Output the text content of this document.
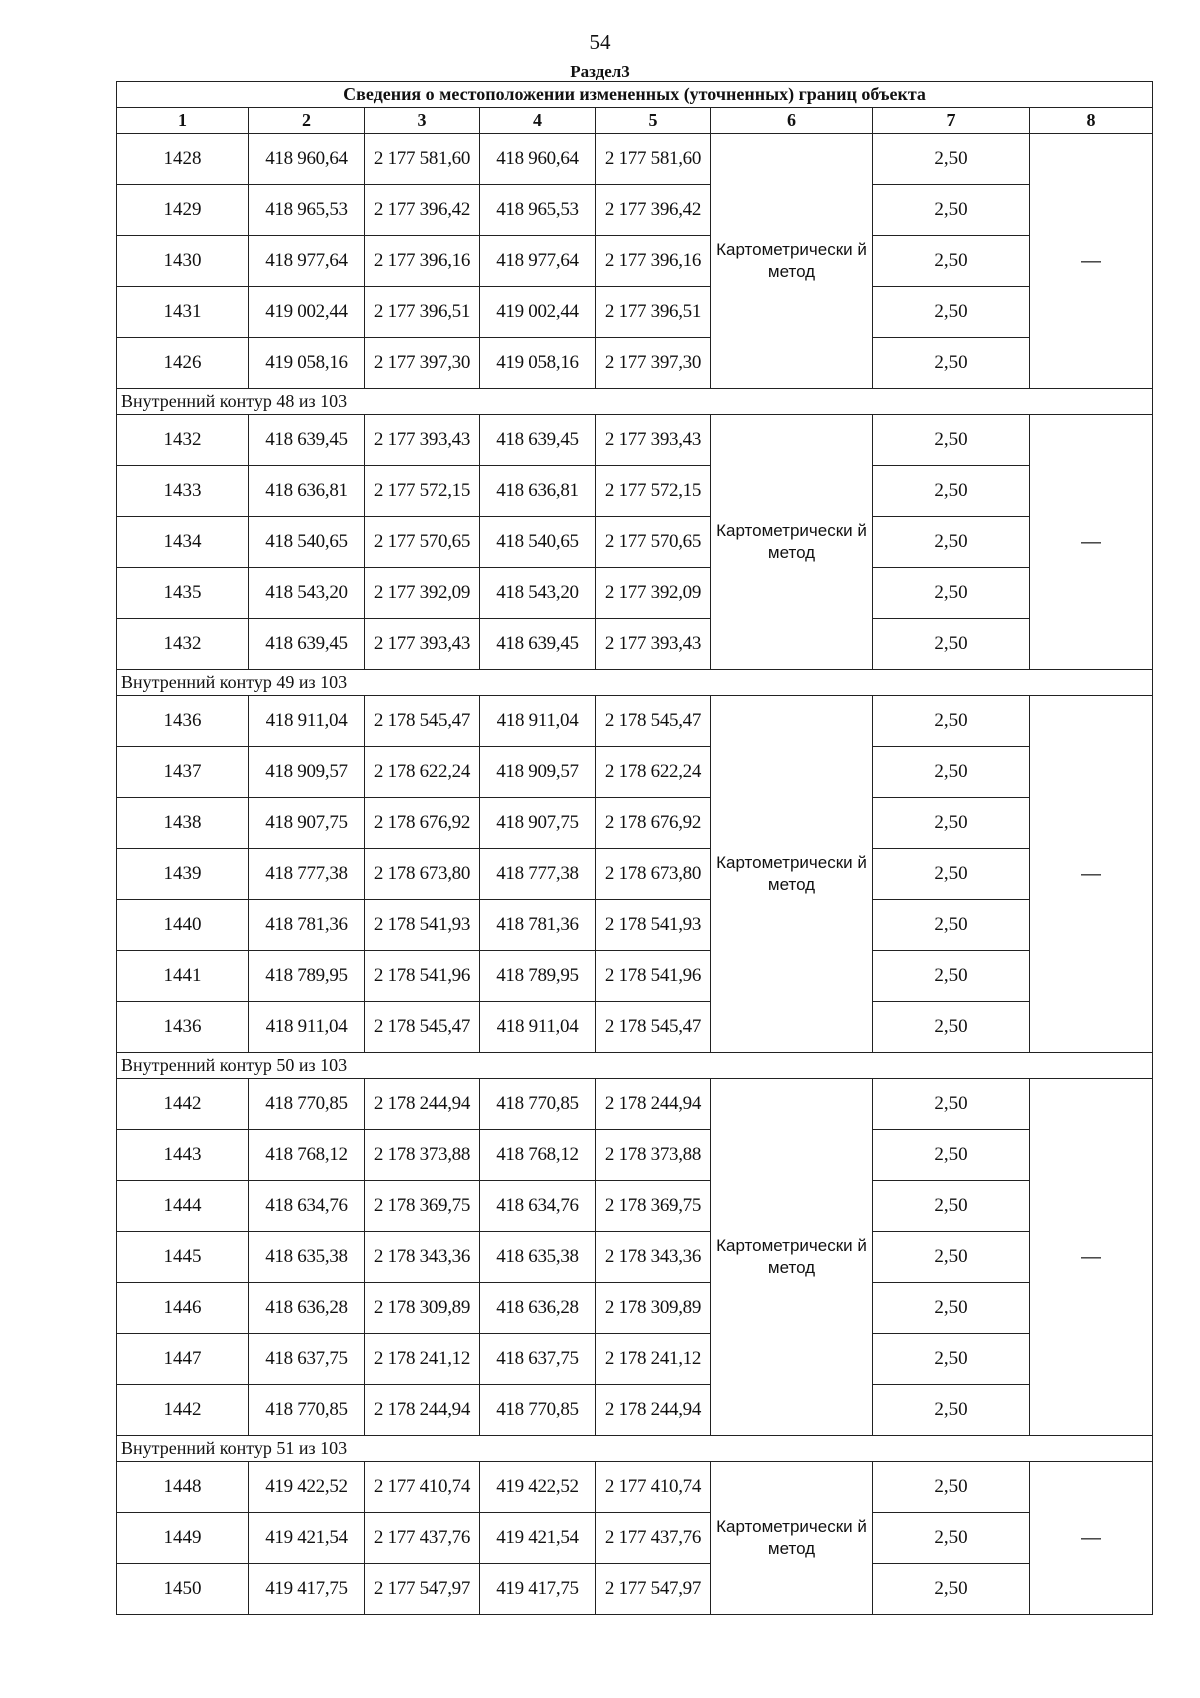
54
Раздел3
Сведения о местоположении измененных (уточненных) границ объекта							
1	2	3	4	5	6	7	8
1428	418 960,64	2 177 581,60	418 960,64	2 177 581,60	Картометрически й метод	2,50	—
1429	418 965,53	2 177 396,42	418 965,53	2 177 396,42		2,50	
1430	418 977,64	2 177 396,16	418 977,64	2 177 396,16		2,50	
1431	419 002,44	2 177 396,51	419 002,44	2 177 396,51		2,50	
1426	419 058,16	2 177 397,30	419 058,16	2 177 397,30		2,50	
Внутренний контур 48 из 103							
1432	418 639,45	2 177 393,43	418 639,45	2 177 393,43	Картометрически й метод	2,50	—
1433	418 636,81	2 177 572,15	418 636,81	2 177 572,15		2,50	
1434	418 540,65	2 177 570,65	418 540,65	2 177 570,65		2,50	
1435	418 543,20	2 177 392,09	418 543,20	2 177 392,09		2,50	
1432	418 639,45	2 177 393,43	418 639,45	2 177 393,43		2,50	
Внутренний контур 49 из 103							
1436	418 911,04	2 178 545,47	418 911,04	2 178 545,47	Картометрически й метод	2,50	—
1437	418 909,57	2 178 622,24	418 909,57	2 178 622,24		2,50	
1438	418 907,75	2 178 676,92	418 907,75	2 178 676,92		2,50	
1439	418 777,38	2 178 673,80	418 777,38	2 178 673,80		2,50	
1440	418 781,36	2 178 541,93	418 781,36	2 178 541,93		2,50	
1441	418 789,95	2 178 541,96	418 789,95	2 178 541,96		2,50	
1436	418 911,04	2 178 545,47	418 911,04	2 178 545,47		2,50	
Внутренний контур 50 из 103							
1442	418 770,85	2 178 244,94	418 770,85	2 178 244,94	Картометрически й метод	2,50	—
1443	418 768,12	2 178 373,88	418 768,12	2 178 373,88		2,50	
1444	418 634,76	2 178 369,75	418 634,76	2 178 369,75		2,50	
1445	418 635,38	2 178 343,36	418 635,38	2 178 343,36		2,50	
1446	418 636,28	2 178 309,89	418 636,28	2 178 309,89		2,50	
1447	418 637,75	2 178 241,12	418 637,75	2 178 241,12		2,50	
1442	418 770,85	2 178 244,94	418 770,85	2 178 244,94		2,50	
Внутренний контур 51 из 103							
1448	419 422,52	2 177 410,74	419 422,52	2 177 410,74	Картометрически й метод	2,50	—
1449	419 421,54	2 177 437,76	419 421,54	2 177 437,76		2,50	
1450	419 417,75	2 177 547,97	419 417,75	2 177 547,97		2,50	
